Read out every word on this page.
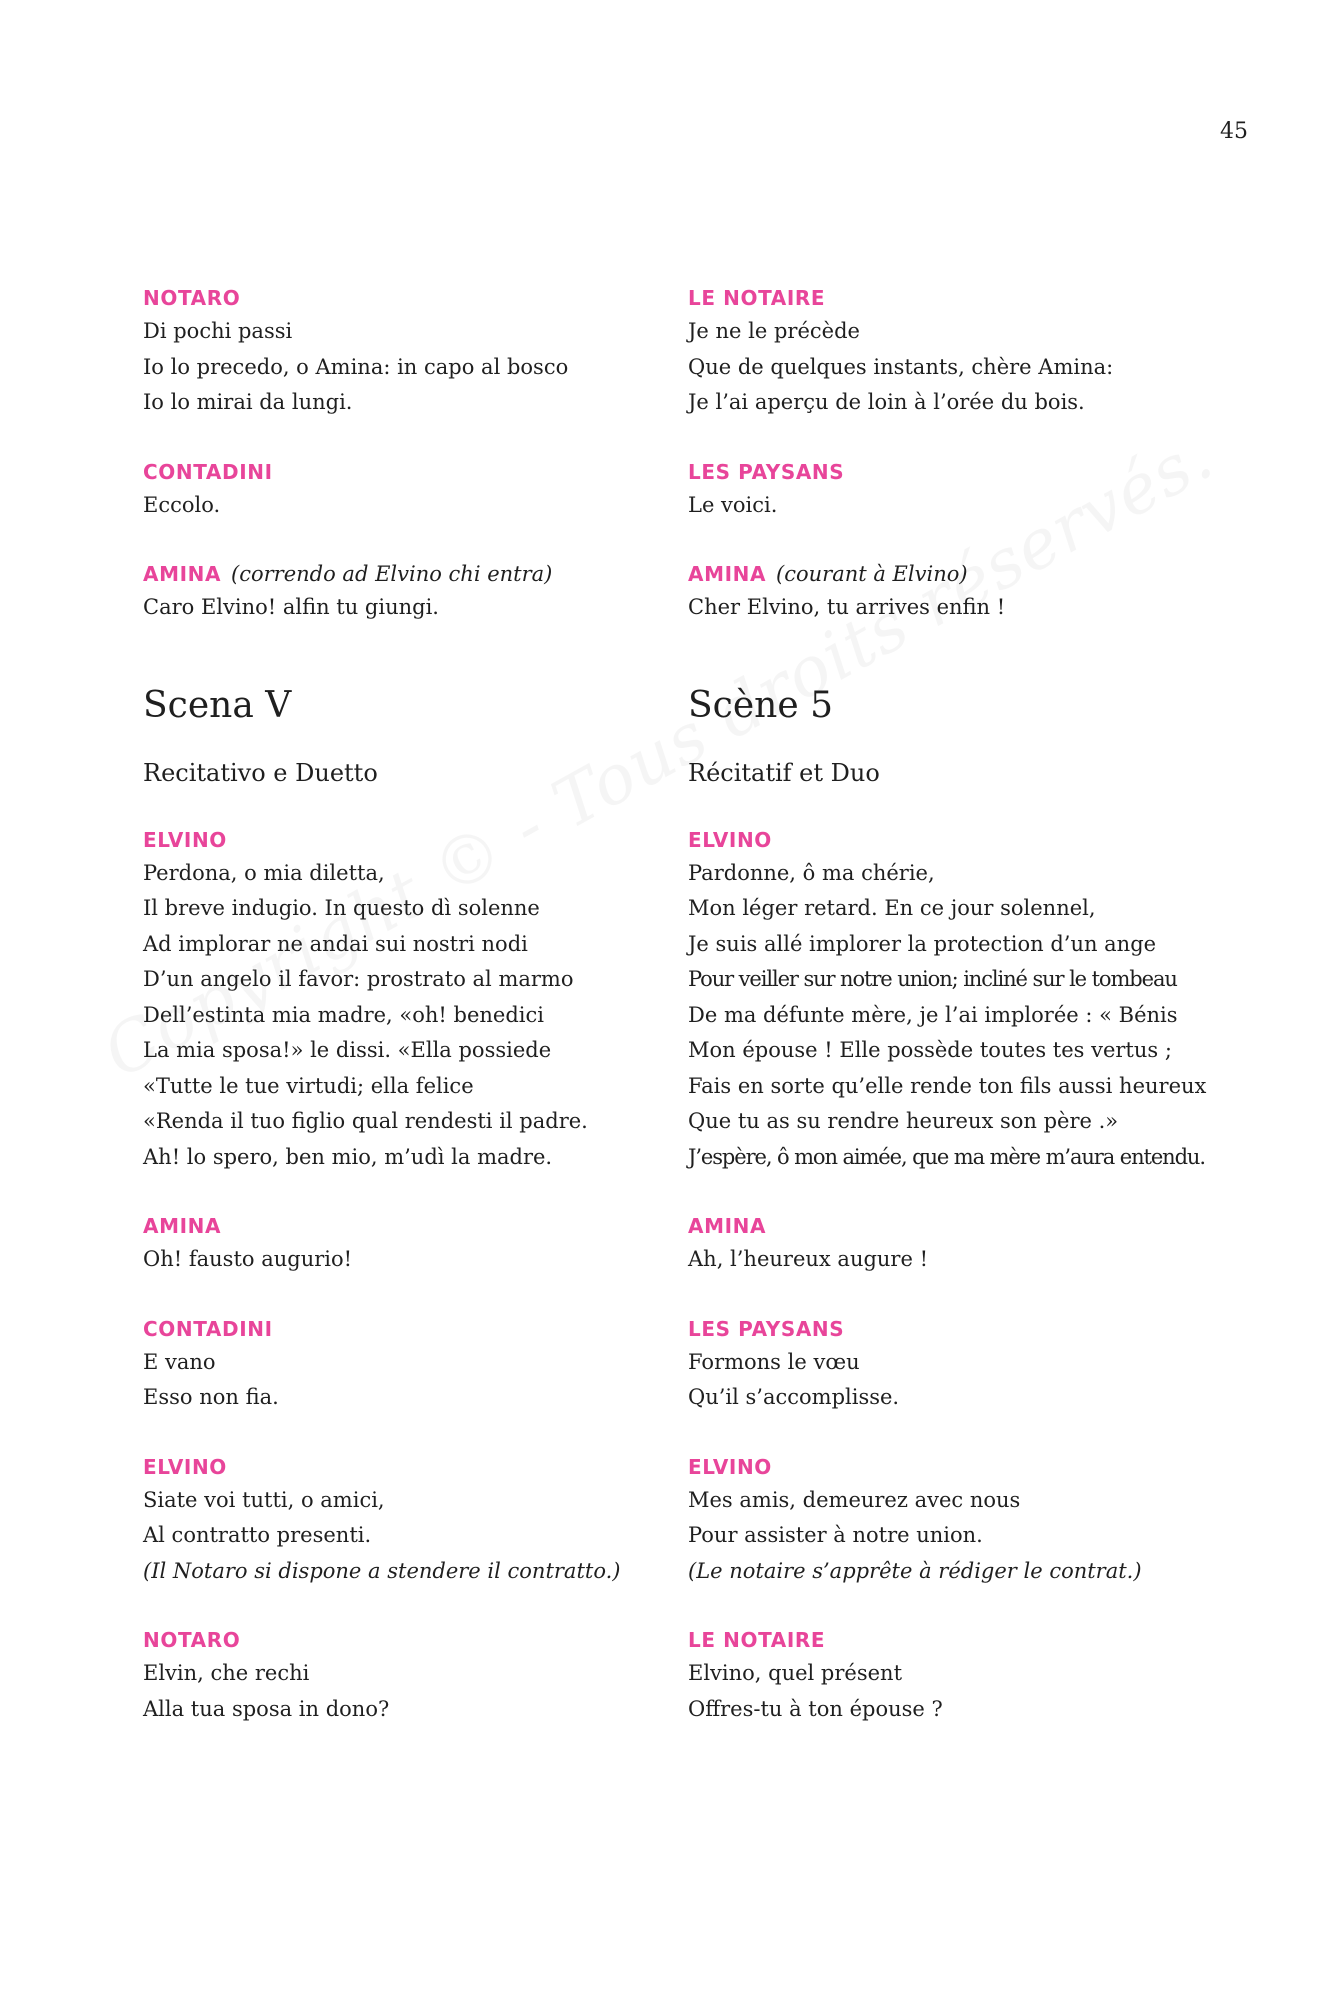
45
NOTARO
Di pochi passi
Io lo precedo, o Amina: in capo al bosco
Io lo mirai da lungi.
CONTADINI
Eccolo.
AMINA (correndo ad Elvino chi entra)
Caro Elvino! alfin tu giungi.
Scena V
Recitativo e Duetto
ELVINO
Perdona, o mia diletta,
Il breve indugio. In questo dì solenne
Ad implorar ne andai sui nostri nodi
D’un angelo il favor: prostrato al marmo
Dell’estinta mia madre, «oh! benedici
La mia sposa!» le dissi. «Ella possiede
«Tutte le tue virtudi; ella felice
«Renda il tuo figlio qual rendesti il padre.
Ah! lo spero, ben mio, m’udì la madre.
AMINA
Oh! fausto augurio!
CONTADINI
E vano
Esso non fia.
ELVINO
Siate voi tutti, o amici,
Al contratto presenti.
(Il Notaro si dispone a stendere il contratto.)
NOTARO
Elvin, che rechi
Alla tua sposa in dono?
LE NOTAIRE
Je ne le précède
Que de quelques instants, chère Amina:
Je l’ai aperçu de loin à l’orée du bois.
LES PAYSANS
Le voici.
AMINA (courant à Elvino)
Cher Elvino, tu arrives enfin !
Scène 5
Récitatif et Duo
ELVINO
Pardonne, ô ma chérie,
Mon léger retard. En ce jour solennel,
Je suis allé implorer la protection d’un ange
Pour veiller sur notre union; incliné sur le tombeau
De ma défunte mère, je l’ai implorée : « Bénis
Mon épouse ! Elle possède toutes tes vertus ;
Fais en sorte qu’elle rende ton fils aussi heureux
Que tu as su rendre heureux son père .»
J’espère, ô mon aimée, que ma mère m’aura entendu.
AMINA
Ah, l’heureux augure !
LES PAYSANS
Formons le vœu
Qu’il s’accomplisse.
ELVINO
Mes amis, demeurez avec nous
Pour assister à notre union.
(Le notaire s’apprête à rédiger le contrat.)
LE NOTAIRE
Elvino, quel présent
Offres-tu à ton épouse ?
